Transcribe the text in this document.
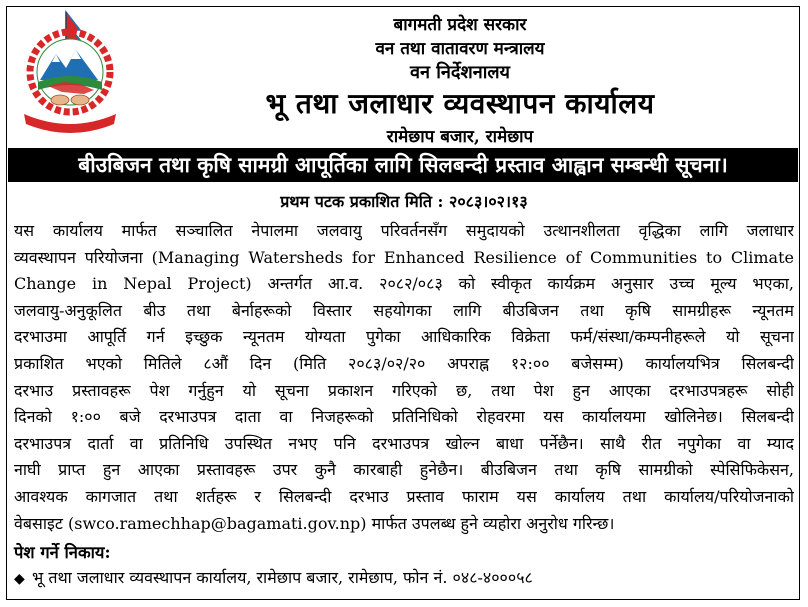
बागमती प्रदेश सरकार
बागमती प्रदेश सरकार
वन तथा वातावरण मन्त्रालय
वन निर्देशनालय
भू तथा जलाधार व्यवस्थापन कार्यालय
रामेछाप बजार, रामेछाप
बीउबिजन तथा कृषि सामग्री आपूर्तिका लागि सिलबन्दी प्रस्ताव आह्वान सम्बन्धी सूचना।
प्रथम पटक प्रकाशित मिति : २०८३।०२।१३
यस कार्यालय मार्फत सञ्चालित नेपालमा जलवायु परिवर्तनसँग समुदायको उत्थानशीलता वृद्धिका लागि जलाधार
व्यवस्थापन परियोजना (Managing Watersheds for Enhanced Resilience of Communities to Climate
Change in Nepal Project) अन्तर्गत आ.व. २०८२/०८३ को स्वीकृत कार्यक्रम अनुसार उच्च मूल्य भएका,
जलवायु-अनुकूलित बीउ तथा बेर्नाहरूको विस्तार सहयोगका लागि बीउबिजन तथा कृषि सामग्रीहरू न्यूनतम
दरभाउमा आपूर्ति गर्न इच्छुक न्यूनतम योग्यता पुगेका आधिकारिक विक्रेता फर्म/संस्था/कम्पनीहरूले यो सूचना
प्रकाशित भएको मितिले ८औं दिन (मिति २०८३/०२/२० अपराह्न १२:०० बजेसम्म) कार्यालयभित्र सिलबन्दी
दरभाउ प्रस्तावहरू पेश गर्नुहुन यो सूचना प्रकाशन गरिएको छ, तथा पेश हुन आएका दरभाउपत्रहरू सोही
दिनको १:०० बजे दरभाउपत्र दाता वा निजहरूको प्रतिनिधिको रोहवरमा यस कार्यालयमा खोलिनेछ। सिलबन्दी
दरभाउपत्र दार्ता वा प्रतिनिधि उपस्थित नभए पनि दरभाउपत्र खोल्न बाधा पर्नेछैन। साथै रीत नपुगेका वा म्याद
नाघी प्राप्त हुन आएका प्रस्तावहरू उपर कुनै कारबाही हुनेछैन। बीउबिजन तथा कृषि सामग्रीको स्पेसिफिकेसन,
आवश्यक कागजात तथा शर्तहरू र सिलबन्दी दरभाउ प्रस्ताव फाराम यस कार्यालय तथा कार्यालय/परियोजनाको
वेबसाइट (swco.ramechhap@bagamati.gov.np) मार्फत उपलब्ध हुने व्यहोरा अनुरोध गरिन्छ।
पेश गर्ने निकाय:
◆ भू तथा जलाधार व्यवस्थापन कार्यालय, रामेछाप बजार, रामेछाप, फोन नं. ०४८-४०००५८
